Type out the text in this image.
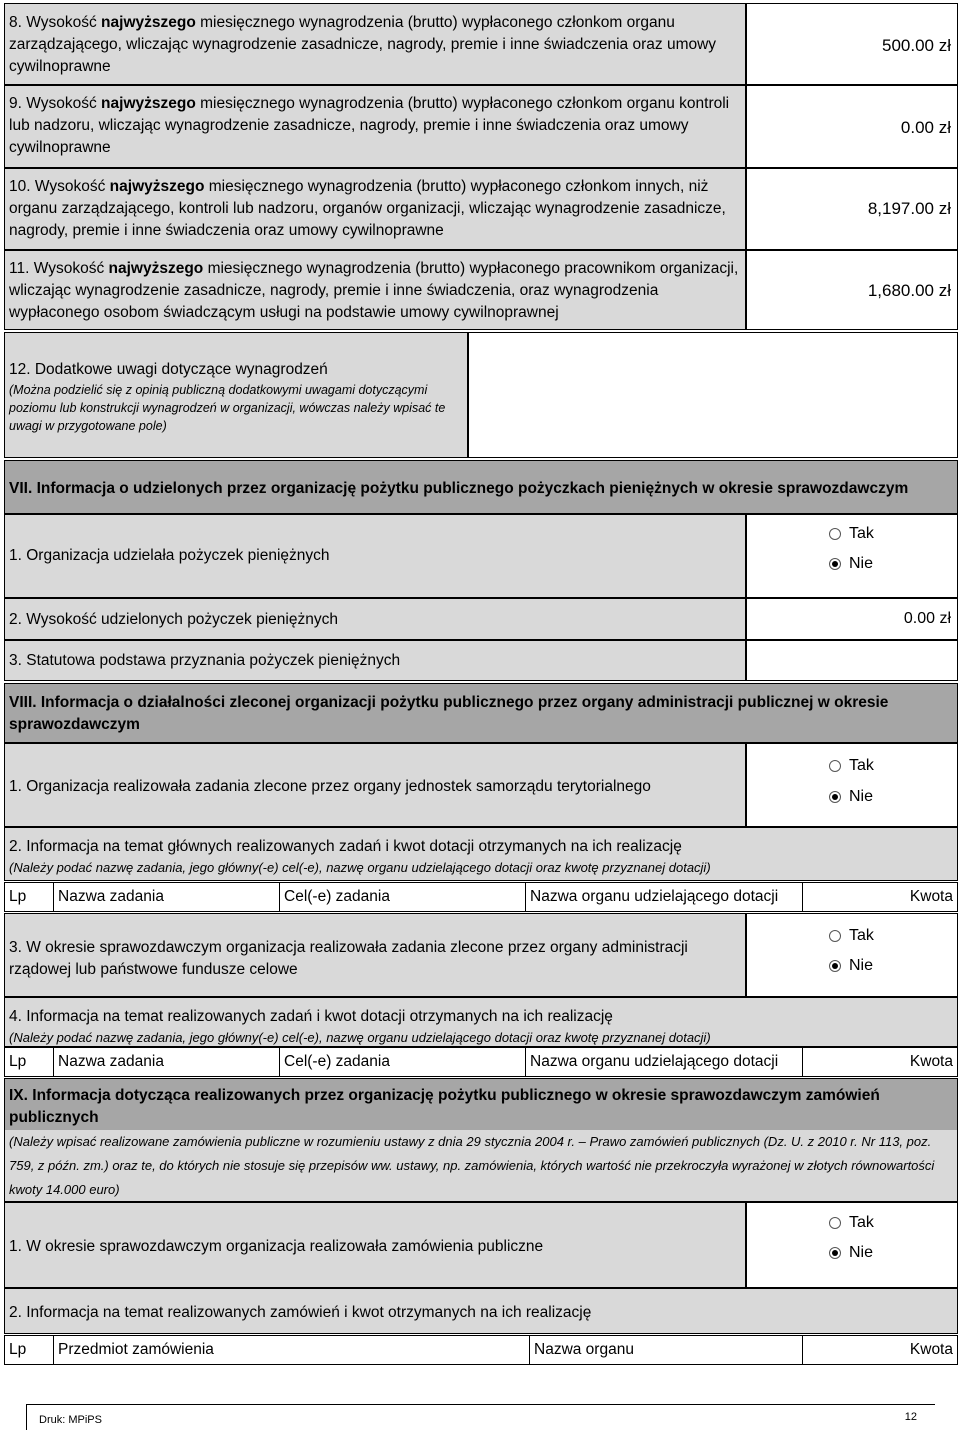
8. Wysokość najwyższego miesięcznego wynagrodzenia (brutto) wypłaconego członkom organu zarządzającego, wliczając wynagrodzenie zasadnicze, nagrody, premie i inne świadczenia oraz umowy cywilnoprawne
500.00 zł
9. Wysokość najwyższego miesięcznego wynagrodzenia (brutto) wypłaconego członkom organu kontroli lub nadzoru, wliczając wynagrodzenie zasadnicze, nagrody, premie i inne świadczenia oraz umowy cywilnoprawne
0.00 zł
10. Wysokość najwyższego miesięcznego wynagrodzenia (brutto) wypłaconego członkom innych, niż organu zarządzającego, kontroli lub nadzoru, organów organizacji, wliczając wynagrodzenie zasadnicze, nagrody, premie i inne świadczenia oraz umowy cywilnoprawne
8,197.00 zł
11. Wysokość najwyższego miesięcznego wynagrodzenia (brutto) wypłaconego pracownikom organizacji, wliczając wynagrodzenie zasadnicze, nagrody, premie i inne świadczenia, oraz wynagrodzenia wypłaconego osobom świadczącym usługi na podstawie umowy cywilnoprawnej
1,680.00 zł
12. Dodatkowe uwagi dotyczące wynagrodzeń
(Można podzielić się z opinią publiczną dodatkowymi uwagami dotyczącymi poziomu lub konstrukcji wynagrodzeń w organizacji, wówczas należy wpisać te uwagi w przygotowane pole)
VII. Informacja o udzielonych przez organizację pożytku publicznego pożyczkach pieniężnych w okresie sprawozdawczym
1. Organizacja udzielała pożyczek pieniężnych
Tak
Nie
2. Wysokość udzielonych pożyczek pieniężnych	0.00 zł
3. Statutowa podstawa przyznania pożyczek pieniężnych
VIII. Informacja o działalności zleconej organizacji pożytku publicznego przez organy administracji publicznej w okresie sprawozdawczym
1. Organizacja realizowała zadania zlecone przez organy jednostek samorządu terytorialnego
Tak
Nie
2. Informacja na temat głównych realizowanych zadań i kwot dotacji otrzymanych na ich realizację
(Należy podać nazwę zadania, jego główny(-e) cel(-e), nazwę organu udzielającego dotacji oraz kwotę przyznanej dotacji)
Lp	Nazwa zadania	Cel(-e) zadania	Nazwa organu udzielającego dotacji	Kwota
3. W okresie sprawozdawczym organizacja realizowała zadania zlecone przez organy administracji rządowej lub państwowe fundusze celowe
Tak
Nie
4. Informacja na temat realizowanych zadań i kwot dotacji otrzymanych na ich realizację
(Należy podać nazwę zadania, jego główny(-e) cel(-e), nazwę organu udzielającego dotacji oraz kwotę przyznanej dotacji)
Lp	Nazwa zadania	Cel(-e) zadania	Nazwa organu udzielającego dotacji	Kwota
IX. Informacja dotycząca realizowanych przez organizację pożytku publicznego w okresie sprawozdawczym zamówień publicznych
(Należy wpisać realizowane zamówienia publiczne w rozumieniu ustawy z dnia 29 stycznia 2004 r. – Prawo zamówień publicznych (Dz. U. z 2010 r. Nr 113, poz. 759, z późn. zm.) oraz te, do których nie stosuje się przepisów ww. ustawy, np. zamówienia, których wartość nie przekroczyła wyrażonej w złotych równowartości kwoty 14.000 euro)
1. W okresie sprawozdawczym organizacja realizowała zamówienia publiczne
Tak
Nie
2. Informacja na temat realizowanych zamówień i kwot otrzymanych na ich realizację
Lp	Przedmiot zamówienia	Nazwa organu	Kwota
Druk: MPiPS	12
